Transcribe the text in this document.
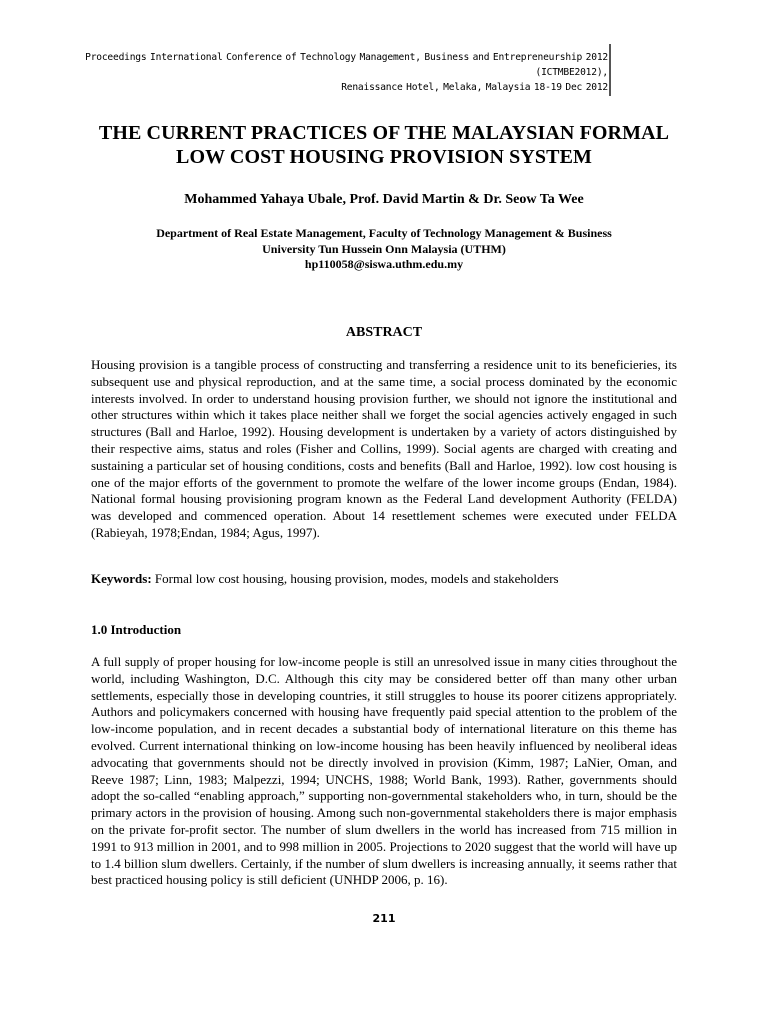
Proceedings International Conference of Technology Management, Business and Entrepreneurship 2012
(ICTMBE2012),
Renaissance Hotel, Melaka, Malaysia 18-19 Dec 2012
THE CURRENT PRACTICES OF THE MALAYSIAN FORMAL
LOW COST HOUSING PROVISION SYSTEM
Mohammed Yahaya Ubale, Prof. David Martin & Dr. Seow Ta Wee
Department of Real Estate Management, Faculty of Technology Management & Business
University Tun Hussein Onn Malaysia (UTHM)
hp110058@siswa.uthm.edu.my
ABSTRACT

Housing provision is a tangible process of constructing and transferring a residence unit to its beneficieries, its subsequent use and physical reproduction, and at the same time, a social process dominated by the economic interests involved. In order to understand housing provision further, we should not ignore the institutional and other structures within which it takes place neither shall we forget the social agencies actively engaged in such structures (Ball and Harloe, 1992). Housing development is undertaken by a variety of actors distinguished by their respective aims, status and roles (Fisher and Collins, 1999). Social agents are charged with creating and sustaining a particular set of housing conditions, costs and benefits (Ball and Harloe, 1992). low cost housing is one of the major efforts of the government to promote the welfare of the lower income groups (Endan, 1984). National formal housing provisioning program known as the Federal Land development Authority (FELDA) was developed and commenced operation. About 14 resettlement schemes were executed under FELDA (Rabieyah, 1978;Endan, 1984; Agus, 1997).

Keywords: Formal low cost housing, housing provision, modes, models and stakeholders

1.0 Introduction

A full supply of proper housing for low-income people is still an unresolved issue in many cities throughout the world, including Washington, D.C. Although this city may be considered better off than many other urban settlements, especially those in developing countries, it still struggles to house its poorer citizens appropriately. Authors and policymakers concerned with housing have frequently paid special attention to the problem of the low-income population, and in recent decades a substantial body of international literature on this theme has evolved. Current international thinking on low-income housing has been heavily influenced by neoliberal ideas advocating that governments should not be directly involved in provision (Kimm, 1987; LaNier, Oman, and Reeve 1987; Linn, 1983; Malpezzi, 1994; UNCHS, 1988; World Bank, 1993). Rather, governments should adopt the so-called “enabling approach,” supporting non-governmental stakeholders who, in turn, should be the primary actors in the provision of housing. Among such non-governmental stakeholders there is major emphasis on the private for-profit sector. The number of slum dwellers in the world has increased from 715 million in 1991 to 913 million in 2001, and to 998 million in 2005. Projections to 2020 suggest that the world will have up to 1.4 billion slum dwellers. Certainly, if the number of slum dwellers is increasing annually, it seems rather that best practiced housing policy is still deficient (UNHDP 2006, p. 16).

211
